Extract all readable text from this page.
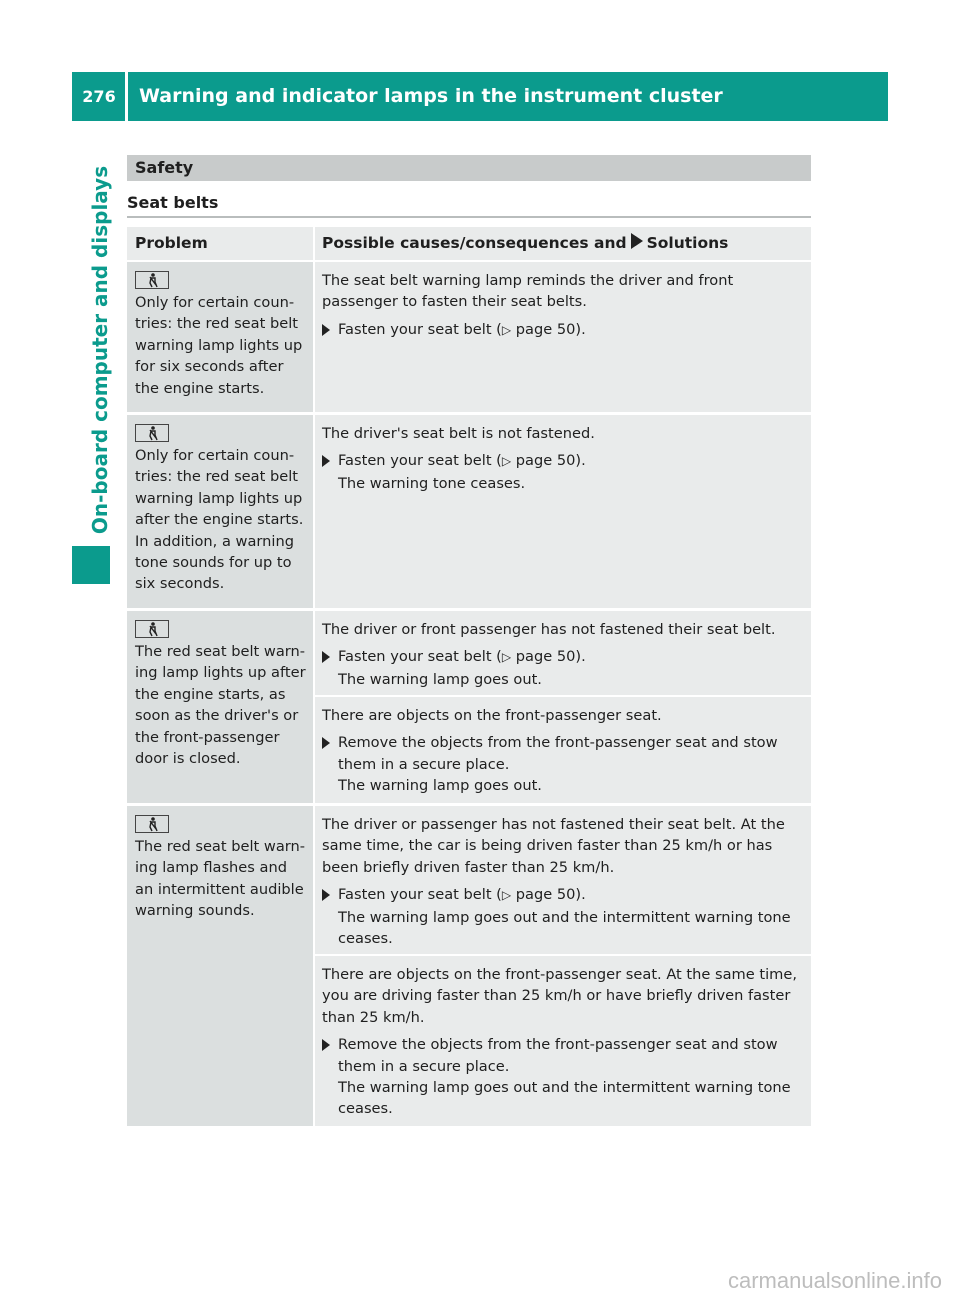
276	Warning and indicator lamps in the instrument cluster
On-board computer and displays Safety
Seat belts
Problem	Possible causes/consequences and Solutions

Only for certain coun-tries: the red seat belt warning lamp lights up for six seconds after the engine starts.

The seat belt warning lamp reminds the driver and front passenger to fasten their seat belts.

Fasten your seat belt (▷ page 50).

Only for certain coun-tries: the red seat belt warning lamp lights up after the engine starts. In addition, a warning tone sounds for up to six seconds.

The driver's seat belt is not fastened.

Fasten your seat belt (▷ page 50).
The warning tone ceases.

The red seat belt warn-ing lamp lights up after the engine starts, as soon as the driver's or the front-passenger door is closed.

The driver or front passenger has not fastened their seat belt.

Fasten your seat belt (▷ page 50).
The warning lamp goes out.

There are objects on the front-passenger seat.

Remove the objects from the front-passenger seat and stow them in a secure place.
The warning lamp goes out.

The red seat belt warn-ing lamp flashes and an intermittent audible warning sounds.

The driver or passenger has not fastened their seat belt. At the same time, the car is being driven faster than 25 km/h or has been briefly driven faster than 25 km/h.

Fasten your seat belt (▷ page 50).
The warning lamp goes out and the intermittent warning tone ceases.

There are objects on the front-passenger seat. At the same time, you are driving faster than 25 km/h or have briefly driven faster than 25 km/h.

Remove the objects from the front-passenger seat and stow them in a secure place.
The warning lamp goes out and the intermittent warning tone ceases.
carmanualsonline.info
